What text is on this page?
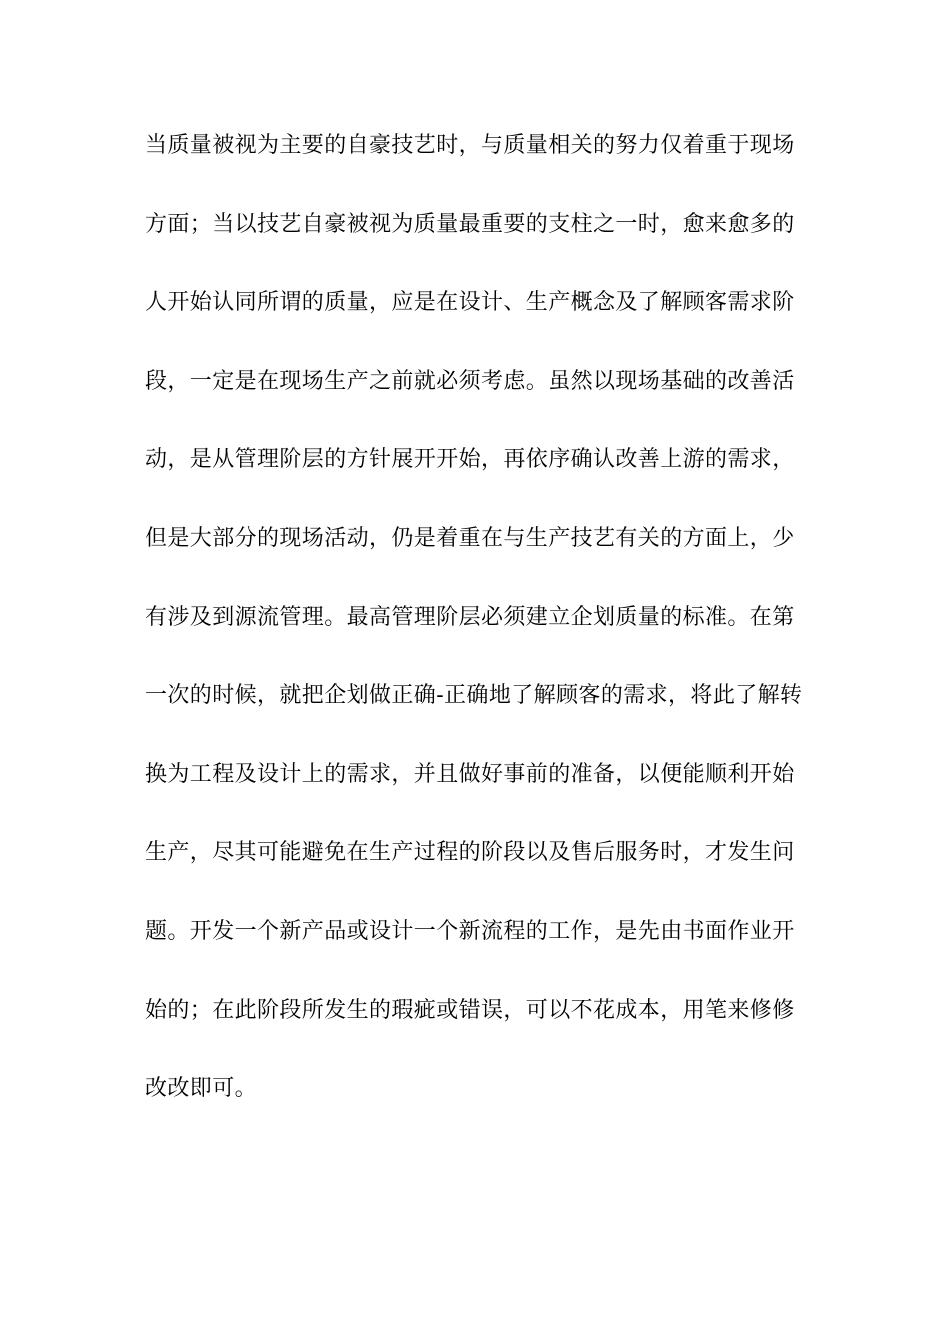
当质量被视为主要的自豪技艺时，与质量相关的努力仅着重于现场
方面；当以技艺自豪被视为质量最重要的支柱之一时，愈来愈多的
人开始认同所谓的质量，应是在设计、生产概念及了解顾客需求阶
段，一定是在现场生产之前就必须考虑。虽然以现场基础的改善活
动，是从管理阶层的方针展开开始，再依序确认改善上游的需求，
但是大部分的现场活动，仍是着重在与生产技艺有关的方面上，少
有涉及到源流管理。最高管理阶层必须建立企划质量的标准。在第
一次的时候，就把企划做正确-正确地了解顾客的需求，将此了解转
换为工程及设计上的需求，并且做好事前的准备，以便能顺利开始
生产，尽其可能避免在生产过程的阶段以及售后服务时，才发生问
题。开发一个新产品或设计一个新流程的工作，是先由书面作业开
始的；在此阶段所发生的瑕疵或错误，可以不花成本，用笔来修修
改改即可。
